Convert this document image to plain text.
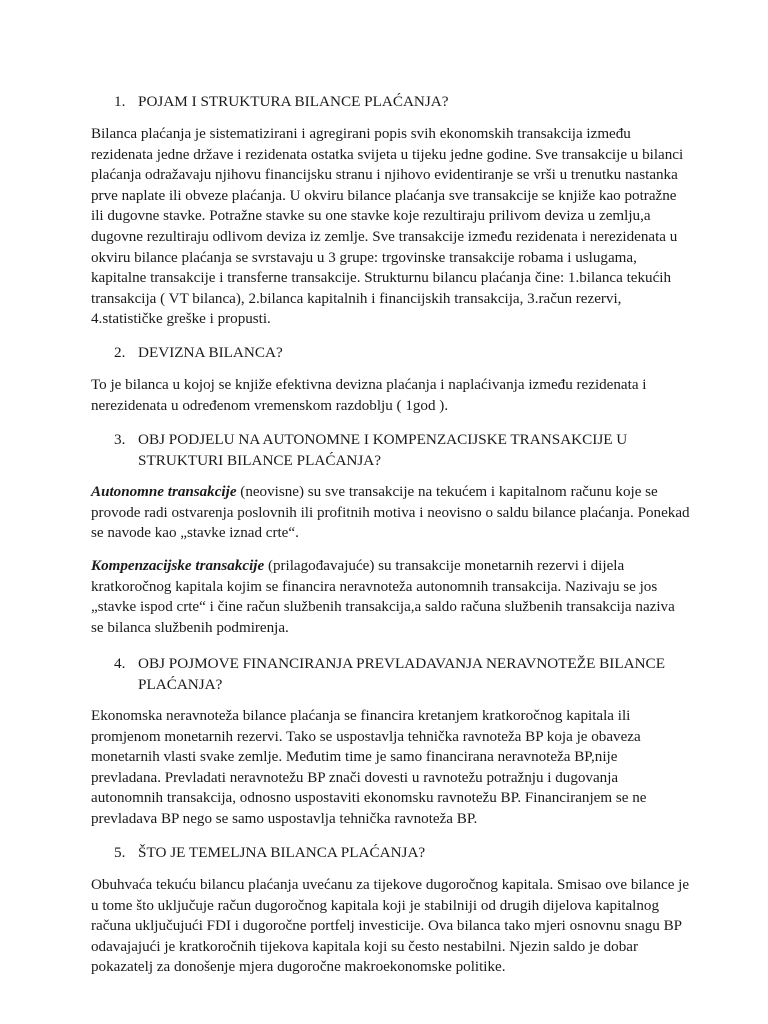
1. POJAM I STRUKTURA BILANCE PLAĆANJA?
Bilanca plaćanja je sistematizirani i agregirani popis svih ekonomskih transakcija između rezidenata jedne države i rezidenata ostatka svijeta u tijeku jedne godine. Sve transakcije u bilanci plaćanja odražavaju njihovu financijsku stranu i njihovo evidentiranje se vrši u trenutku nastanka prve naplate ili obveze plaćanja. U okviru bilance plaćanja sve transakcije se knjiže kao potražne ili dugovne stavke. Potražne stavke su one stavke koje rezultiraju prilivom deviza u zemlju,a dugovne rezultiraju odlivom deviza iz zemlje. Sve transakcije između rezidenata i nerezidenata u okviru bilance plaćanja se svrstavaju u 3 grupe: trgovinske transakcije robama i uslugama, kapitalne transakcije i transferne transakcije. Strukturnu bilancu plaćanja čine: 1.bilanca tekućih transakcija ( VT bilanca), 2.bilanca kapitalnih i financijskih transakcija, 3.račun rezervi, 4.statističke greške i propusti.
2. DEVIZNA BILANCA?
To je bilanca u kojoj se knjiže efektivna devizna plaćanja i naplaćivanja između rezidenata i nerezidenata u određenom vremenskom razdoblju ( 1god ).
3. OBJ PODJELU NA AUTONOMNE I KOMPENZACIJSKE TRANSAKCIJE U STRUKTURI BILANCE PLAĆANJA?
Autonomne transakcije (neovisne) su sve transakcije na tekućem i kapitalnom računu koje se provode radi ostvarenja poslovnih ili profitnih motiva i neovisno o saldu bilance plaćanja. Ponekad se navode kao „stavke iznad crte“.
Kompenzacijske transakcije (prilagođavajuće) su transakcije monetarnih rezervi i dijela kratkoročnog kapitala kojim se financira neravnoteža autonomnih transakcija. Nazivaju se jos „stavke ispod crte“ i čine račun službenih transakcija,a saldo računa službenih transakcija naziva se bilanca službenih podmirenja.
4. OBJ POJMOVE FINANCIRANJA PREVLADAVANJA NERAVNOTEŽE BILANCE PLAĆANJA?
Ekonomska neravnoteža bilance plaćanja se financira kretanjem kratkoročnog kapitala ili promjenom monetarnih rezervi. Tako se uspostavlja tehnička ravnoteža BP koja je obaveza monetarnih vlasti svake zemlje. Međutim time je samo financirana neravnoteža BP,nije prevladana. Prevladati neravnotežu BP znači dovesti u ravnotežu potražnju i dugovanja autonomnih transakcija, odnosno uspostaviti ekonomsku ravnotežu BP. Financiranjem se ne prevladava BP nego se samo uspostavlja tehnička ravnoteža BP.
5. ŠTO JE TEMELJNA BILANCA PLAĆANJA?
Obuhvaća tekuću bilancu plaćanja uvećanu za tijekove dugoročnog kapitala. Smisao ove bilance je u tome što uključuje račun dugoročnog kapitala koji je stabilniji od drugih dijelova kapitalnog računa uključujući FDI i dugoročne portfelj investicije. Ova bilanca tako mjeri osnovnu snagu BP odavajajući je kratkoročnih tijekova kapitala koji su često nestabilni. Njezin saldo je dobar pokazatelj za donošenje mjera dugoročne makroekonomske politike.
